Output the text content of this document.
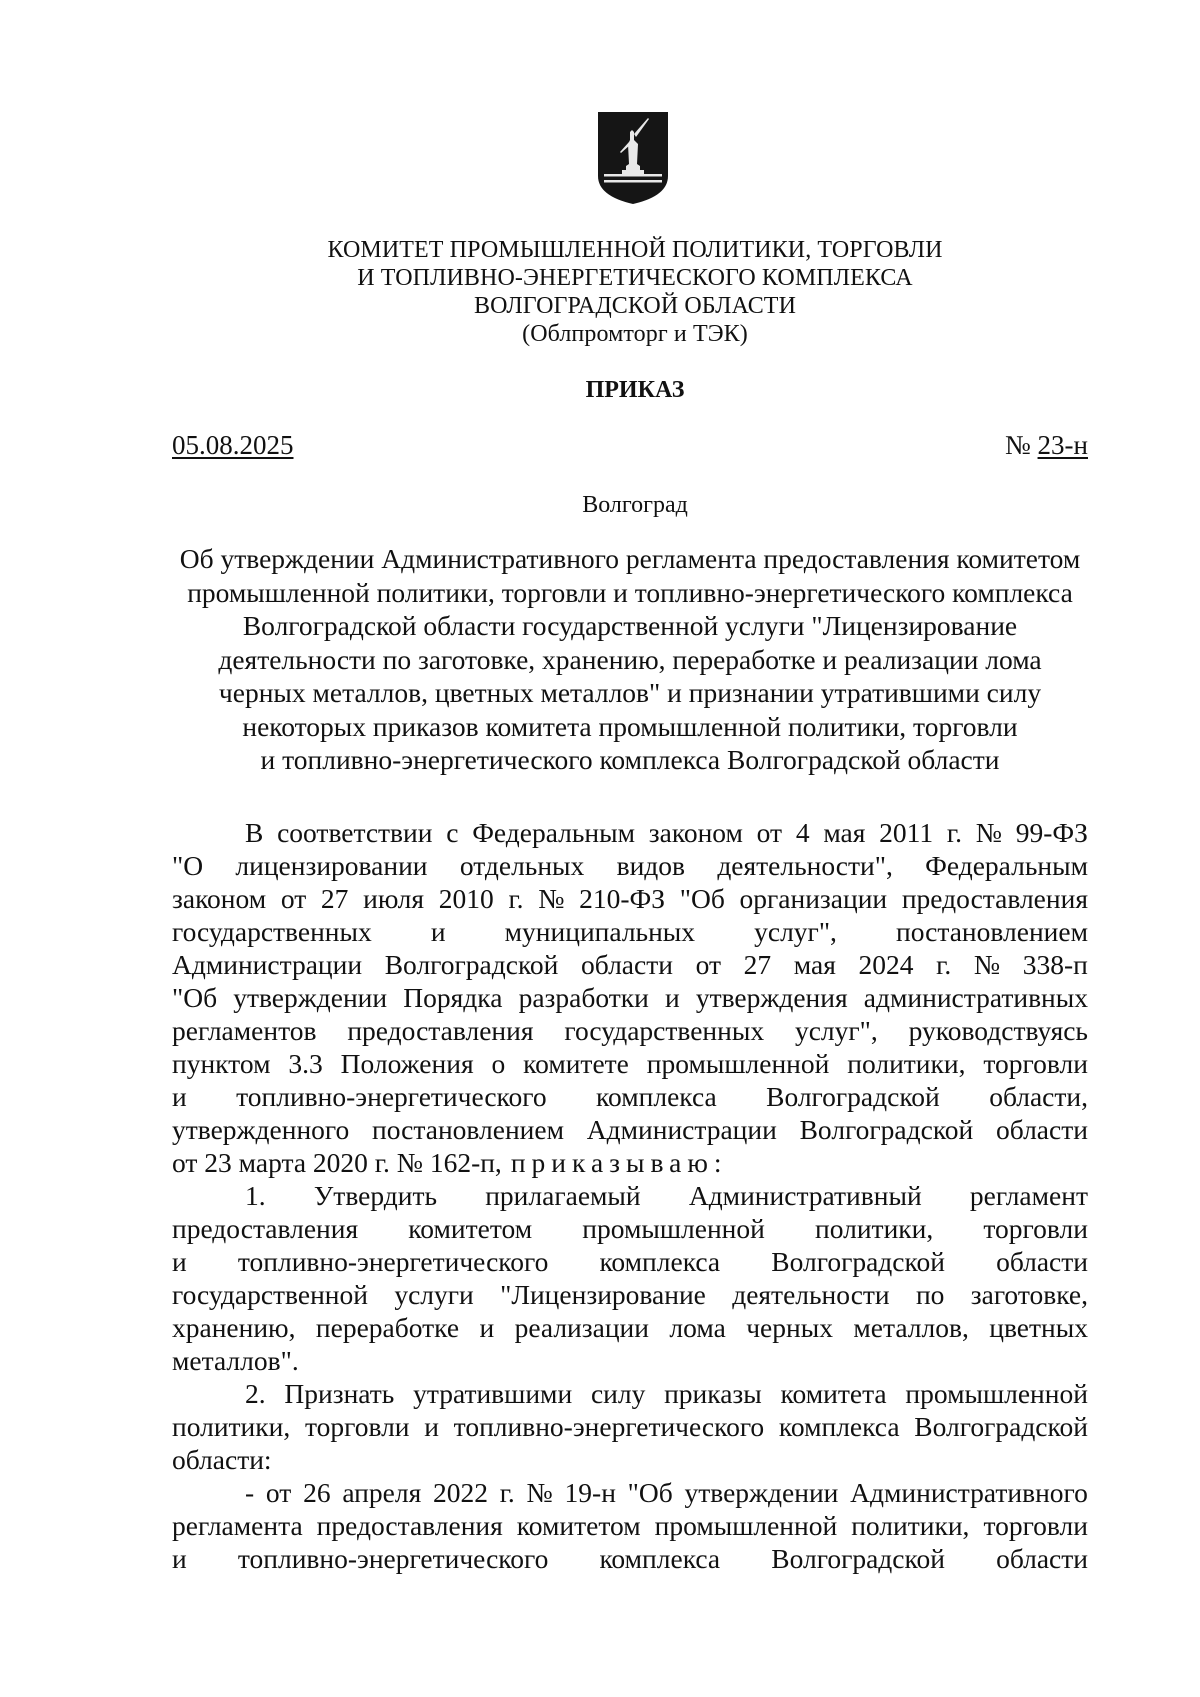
КОМИТЕТ ПРОМЫШЛЕННОЙ ПОЛИТИКИ, ТОРГОВЛИ
И ТОПЛИВНО-ЭНЕРГЕТИЧЕСКОГО КОМПЛЕКСА
ВОЛГОГРАДСКОЙ ОБЛАСТИ
(Облпромторг и ТЭК)
ПРИКАЗ
05.08.2025	№ 23-н
Волгоград
Об утверждении Административного регламента предоставления комитетом
промышленной политики, торговли и топливно-энергетического комплекса
Волгоградской области государственной услуги "Лицензирование
деятельности по заготовке, хранению, переработке и реализации лома
черных металлов, цветных металлов" и признании утратившими силу
некоторых приказов комитета промышленной политики, торговли
и топливно-энергетического комплекса Волгоградской области
В соответствии с Федеральным законом от 4 мая 2011 г. № 99-ФЗ
"О лицензировании отдельных видов деятельности", Федеральным
законом от 27 июля 2010 г. № 210-ФЗ "Об организации предоставления
государственных и муниципальных услуг", постановлением
Администрации Волгоградской области от 27 мая 2024 г. № 338-п
"Об утверждении Порядка разработки и утверждения административных
регламентов предоставления государственных услуг", руководствуясь
пунктом 3.3 Положения о комитете промышленной политики, торговли
и топливно-энергетического комплекса Волгоградской области,
утвержденного постановлением Администрации Волгоградской области
от 23 марта 2020 г. № 162-п, приказываю:
1. Утвердить прилагаемый Административный регламент
предоставления комитетом промышленной политики, торговли
и топливно-энергетического комплекса Волгоградской области
государственной услуги "Лицензирование деятельности по заготовке,
хранению, переработке и реализации лома черных металлов, цветных
металлов".
2. Признать утратившими силу приказы комитета промышленной
политики, торговли и топливно-энергетического комплекса Волгоградской
области:
- от 26 апреля 2022 г. № 19-н "Об утверждении Административного
регламента предоставления комитетом промышленной политики, торговли
и топливно-энергетического комплекса Волгоградской области
